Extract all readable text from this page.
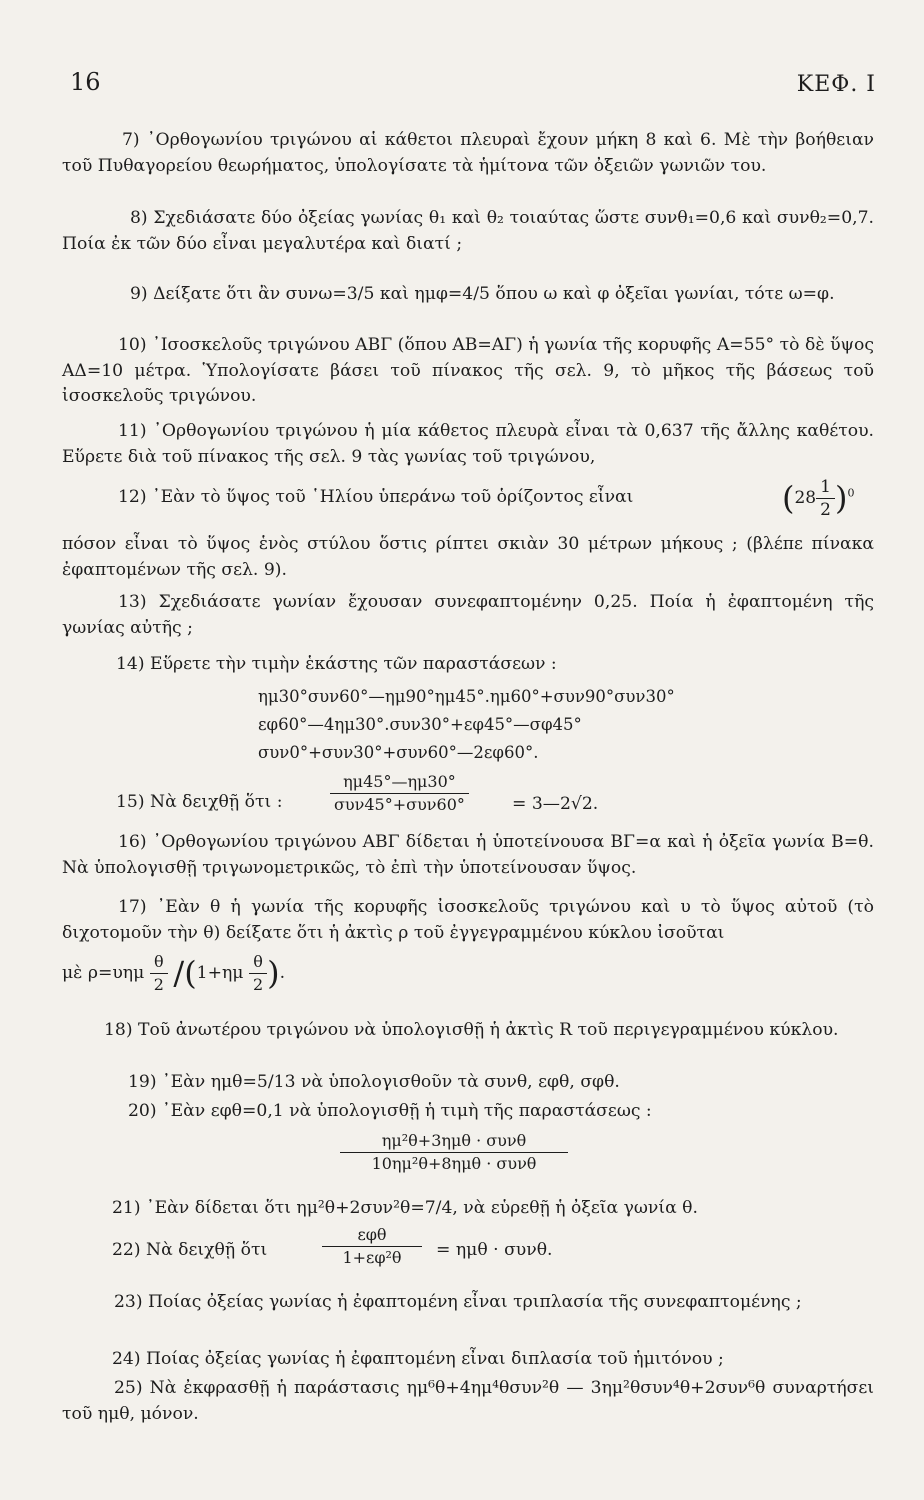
16	ΚΕΦ. Ι

7) ᾿Ορθογωνίου τριγώνου αἱ κάθετοι πλευραὶ ἔχουν μήκη 8 καὶ 6. Μὲ τὴν βοήθειαν τοῦ Πυθαγορείου θεωρήματος, ὑπολογίσατε τὰ ἡμίτονα τῶν ὀξειῶν γωνιῶν του.

8) Σχεδιάσατε δύο ὀξείας γωνίας θ₁ καὶ θ₂ τοιαύτας ὥστε συνθ₁=0,6 καὶ συνθ₂=0,7. Ποία ἐκ τῶν δύο εἶναι μεγαλυτέρα καὶ διατί ;

9) Δείξατε ὅτι ἂν συνω=3/5 καὶ ημφ=4/5 ὅπου ω καὶ φ ὀξεῖαι γωνίαι, τότε ω=φ.

10) ᾿Ισοσκελοῦς τριγώνου ΑΒΓ (ὅπου ΑΒ=ΑΓ) ἡ γωνία τῆς κορυφῆς Α=55° τὸ δὲ ὕψος ΑΔ=10 μέτρα. Ὑπολογίσατε βάσει τοῦ πίνακος τῆς σελ. 9, τὸ μῆκος τῆς βάσεως τοῦ ἰσοσκελοῦς τριγώνου.

11) ᾿Ορθογωνίου τριγώνου ἡ μία κάθετος πλευρὰ εἶναι τὰ 0,637 τῆς ἄλλης καθέτου. Εὕρετε διὰ τοῦ πίνακος τῆς σελ. 9 τὰς γωνίας τοῦ τριγώνου,

12) ᾿Εὰν τὸ ὕψος τοῦ ῾Ηλίου ὑπεράνω τοῦ ὁρίζοντος εἶναι	$(28 \frac{1}{2} )^0$

πόσον εἶναι τὸ ὕψος ἑνὸς στύλου ὅστις ρίπτει σκιὰν 30 μέτρων μήκους ; (βλέπε πίνακα ἐφαπτομένων τῆς σελ. 9).

13) Σχεδιάσατε γωνίαν ἔχουσαν συνεφαπτομένην 0,25. Ποία ἡ ἐφαπτομένη τῆς γωνίας αὐτῆς ;

14) Εὕρετε τὴν τιμὴν ἑκάστης τῶν παραστάσεων :
ημ30°συν60°—ημ90°ημ45°.ημ60°+συν90°συν30°
εφ60°—4ημ30°.συν30°+εφ45°—σφ45°
συν0°+συν30°+συν60°—2εφ60°.
15) Νὰ δειχθῇ ὅτι :	$\frac{\eta\mu 45^\circ—\eta\mu 30^\circ}{\text{συν45°+συν60°}}$	= 3—2√2.

16) ᾿Ορθογωνίου τριγώνου ΑΒΓ δίδεται ἡ ὑποτείνουσα ΒΓ=α καὶ ἡ ὀξεῖα γωνία Β=θ. Νὰ ὑπολογισθῇ τριγωνομετρικῶς, τὸ ἐπὶ τὴν ὑποτείνουσαν ὕψος.

17) ᾿Εὰν θ ἡ γωνία τῆς κορυφῆς ἰσοσκελοῦς τριγώνου καὶ υ τὸ ὕψος αὐτοῦ (τὸ διχοτομοῦν τὴν θ) δείξατε ὅτι ἡ ἀκτὶς ρ τοῦ ἐγγεγραμμένου κύκλου ἰσοῦται

μὲ $\rho=\upsilon\eta\mu \frac{\theta}{2} /(1+\eta\mu \frac{\theta}{2}$ ).

18) Τοῦ ἀνωτέρου τριγώνου νὰ ὑπολογισθῇ ἡ ἀκτὶς R τοῦ περιγεγραμμένου κύκλου.

19) ᾿Εὰν ημθ=5/13 νὰ ὑπολογισθοῦν τὰ συνθ, εφθ, σφθ.
20) ᾿Εὰν εφθ=0,1 νὰ ὑπολογισθῇ ἡ τιμὴ τῆς παραστάσεως :
$\frac{\text{ημ²θ+3ημθ · συνθ}}{\text{10ημ²θ+8ημθ · συνθ}}$
21) ᾿Εὰν δίδεται ὅτι ημ²θ+2συν²θ=7/4, νὰ εὑρεθῇ ἡ ὀξεῖα γωνία θ.
22) Νὰ δειχθῇ ὅτι	$\frac{\text{εφθ}}{\text{1+εφ²θ}} = \eta\mu\theta \cdot \sigma\upsilon\nu\theta$.

23) Ποίας ὀξείας γωνίας ἡ ἐφαπτομένη εἶναι τριπλασία τῆς συνεφαπτομένης ;

24) Ποίας ὀξείας γωνίας ἡ ἐφαπτομένη εἶναι διπλασία τοῦ ἡμιτόνου ;

25) Νὰ ἐκφρασθῇ ἡ παράστασις ημ⁶θ+4ημ⁴θσυν²θ — 3ημ²θσυν⁴θ+2συν⁶θ συναρτήσει τοῦ ημθ, μόνον.
